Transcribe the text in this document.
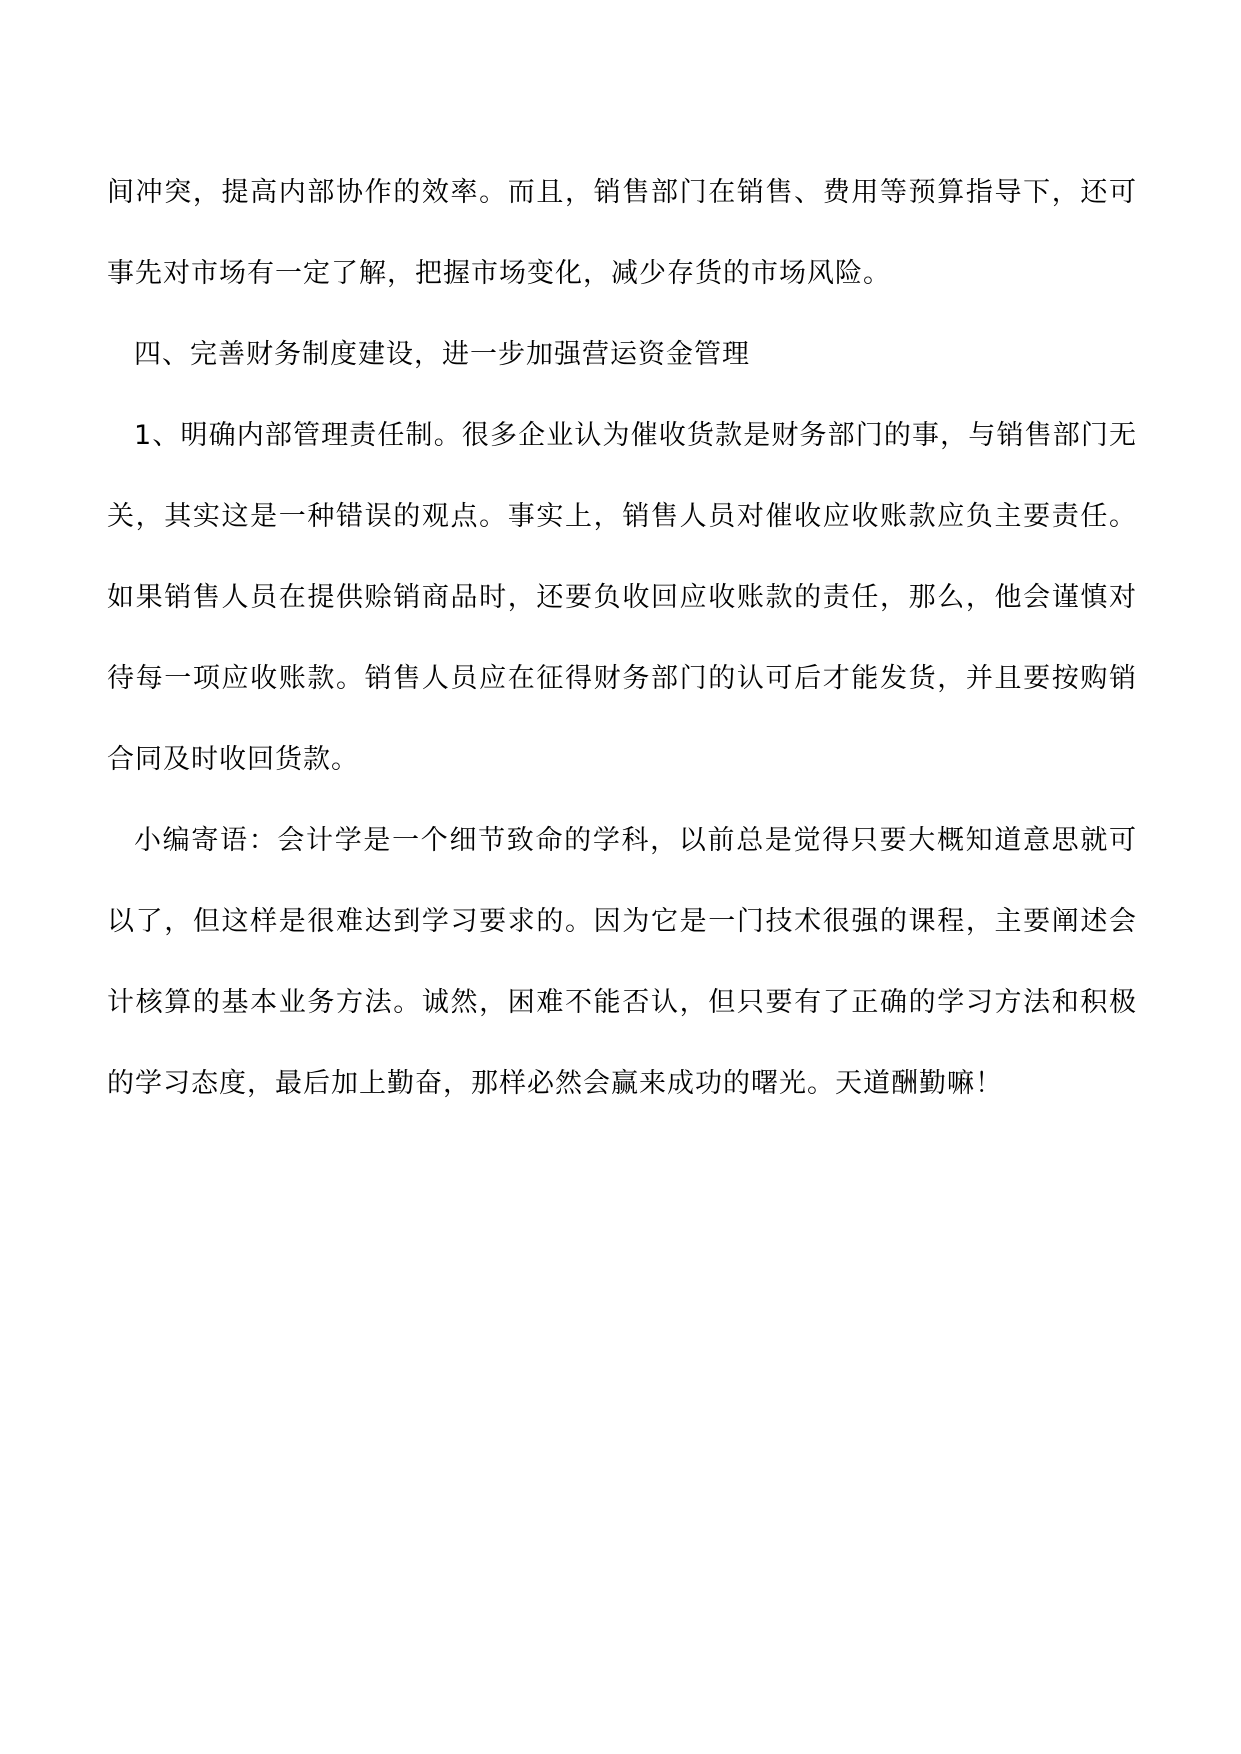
间冲突，提高内部协作的效率。而且，销售部门在销售、费用等预算指导下，还可事先对市场有一定了解，把握市场变化，减少存货的市场风险。

四、完善财务制度建设，进一步加强营运资金管理

1、明确内部管理责任制。很多企业认为催收货款是财务部门的事，与销售部门无关，其实这是一种错误的观点。事实上，销售人员对催收应收账款应负主要责任。如果销售人员在提供赊销商品时，还要负收回应收账款的责任，那么，他会谨慎对待每一项应收账款。销售人员应在征得财务部门的认可后才能发货，并且要按购销合同及时收回货款。

小编寄语：会计学是一个细节致命的学科，以前总是觉得只要大概知道意思就可以了，但这样是很难达到学习要求的。因为它是一门技术很强的课程，主要阐述会计核算的基本业务方法。诚然，困难不能否认，但只要有了正确的学习方法和积极的学习态度，最后加上勤奋，那样必然会赢来成功的曙光。天道酬勤嘛！
